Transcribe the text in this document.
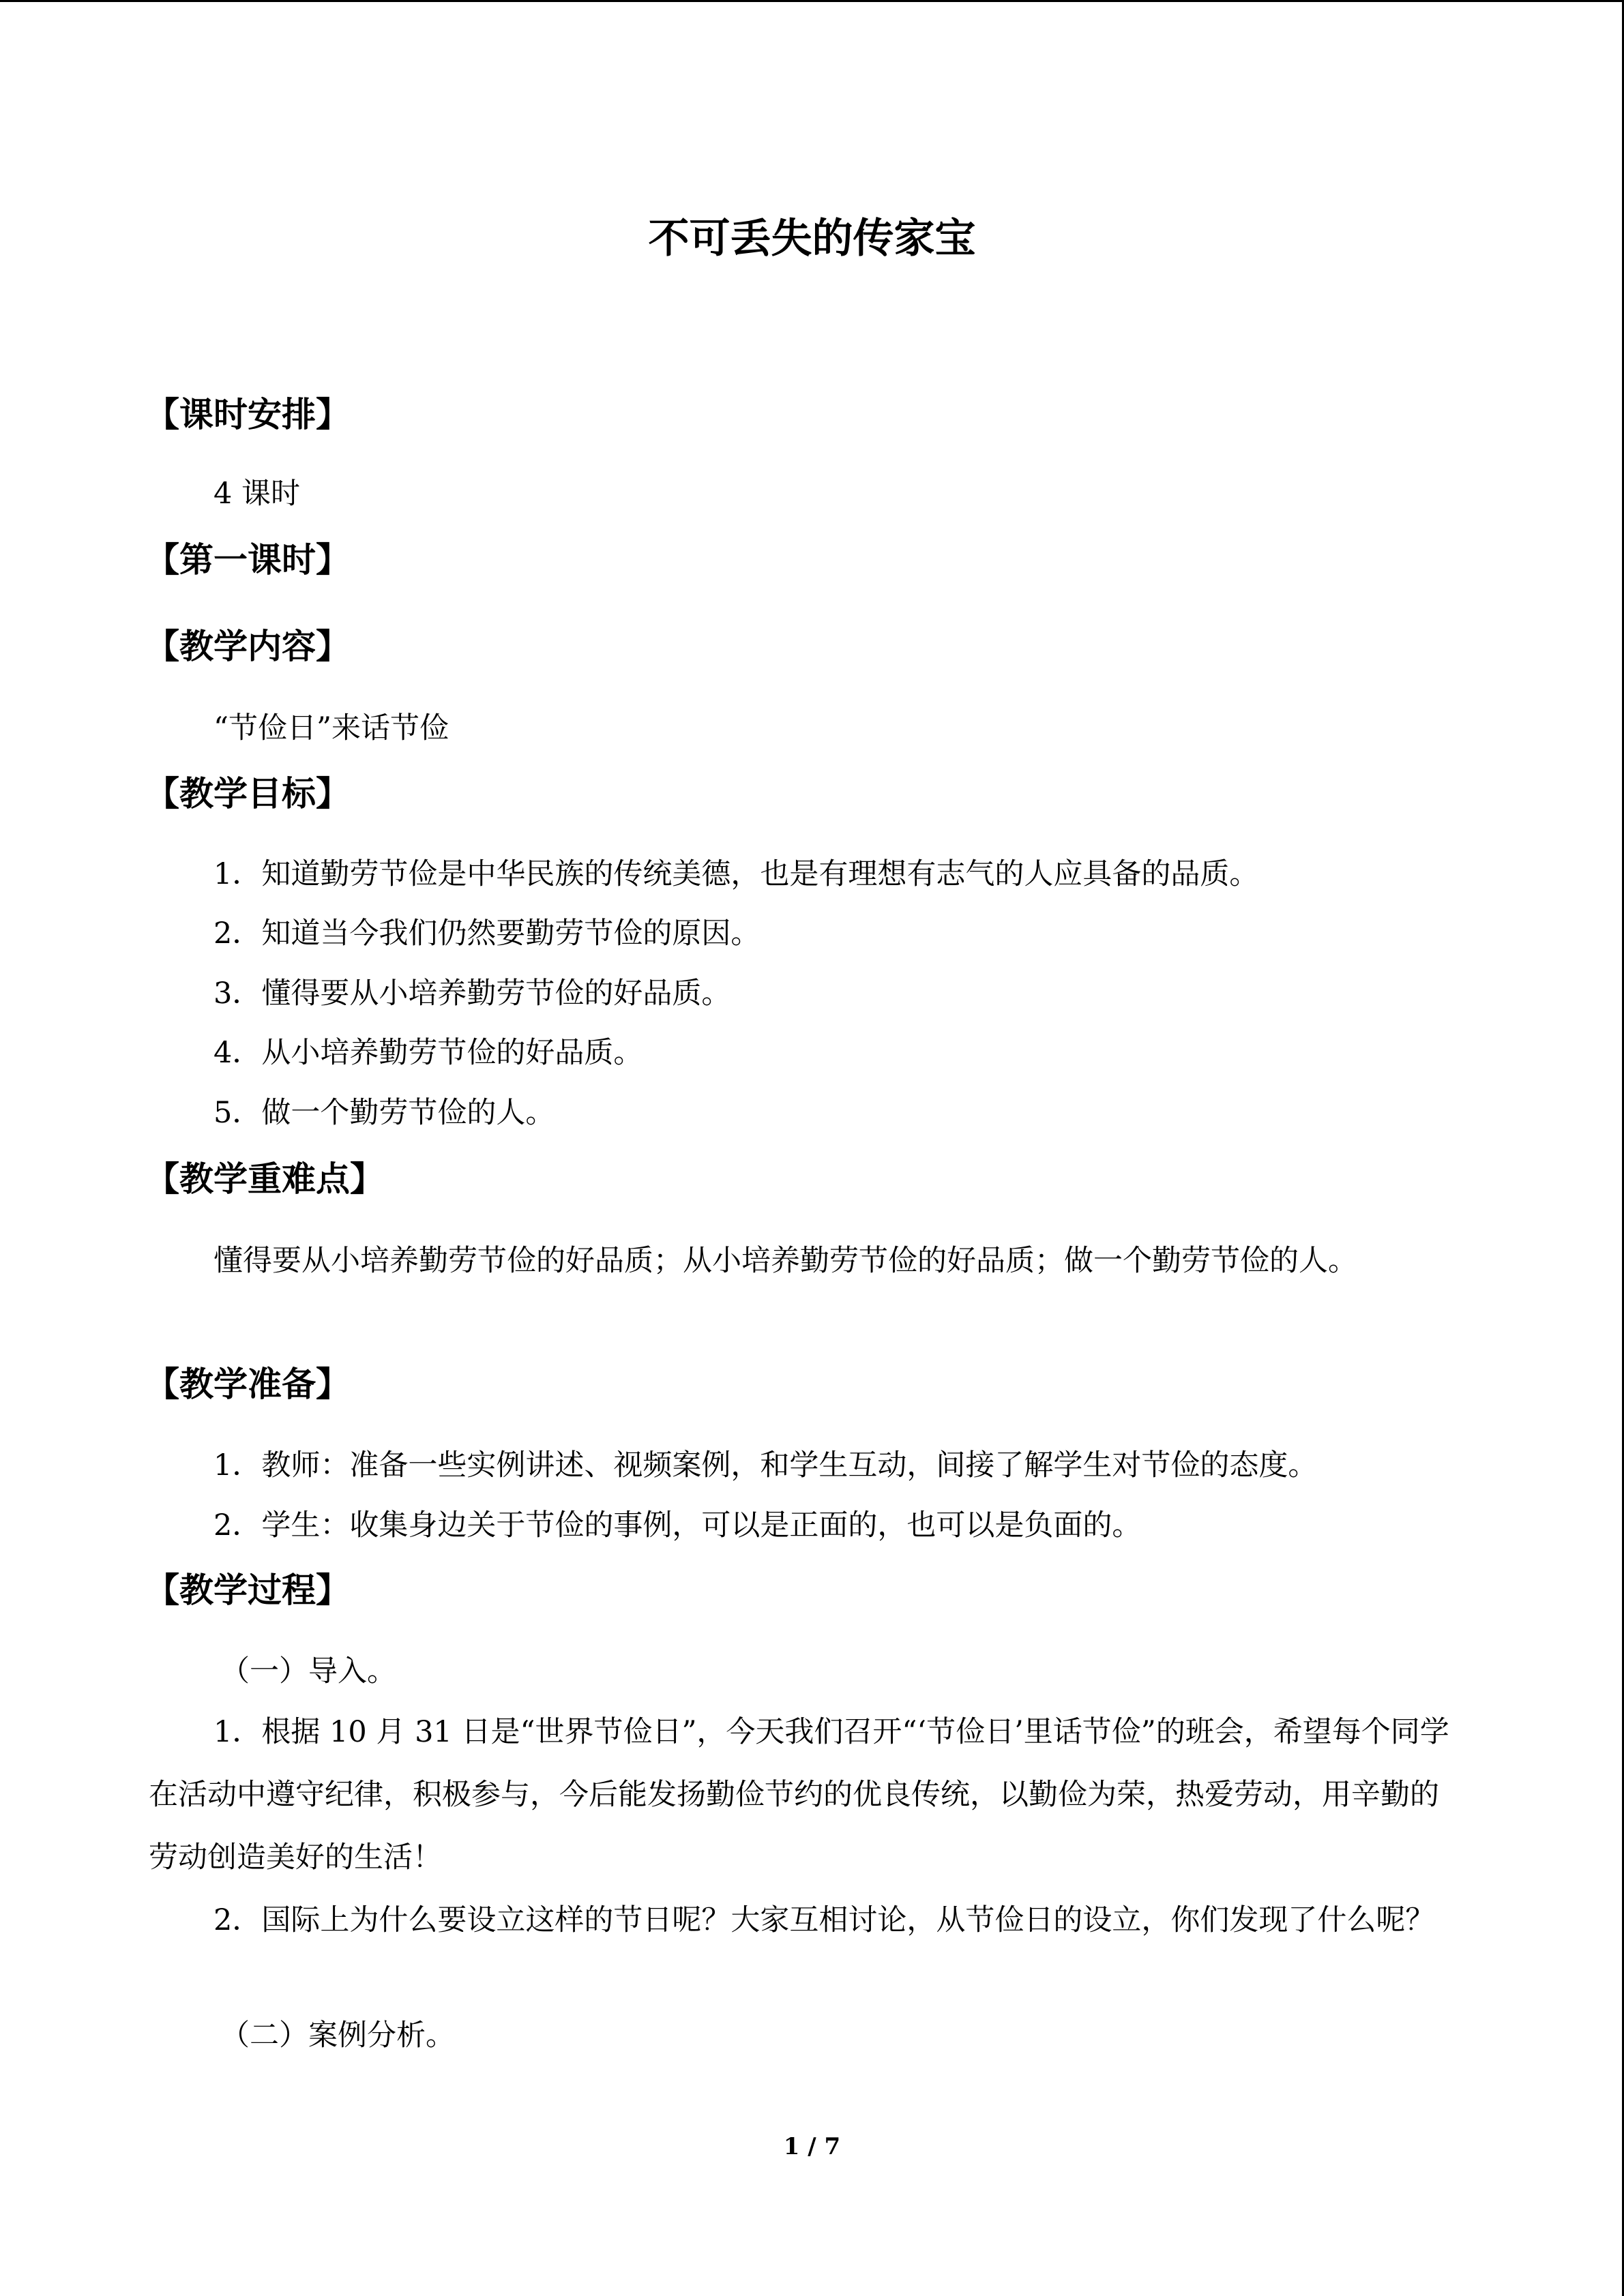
不可丢失的传家宝
【课时安排】
4 课时
【第一课时】
【教学内容】
“节俭日”来话节俭
【教学目标】
1．知道勤劳节俭是中华民族的传统美德，也是有理想有志气的人应具备的品质。
2．知道当今我们仍然要勤劳节俭的原因。
3．懂得要从小培养勤劳节俭的好品质。
4．从小培养勤劳节俭的好品质。
5．做一个勤劳节俭的人。
【教学重难点】
懂得要从小培养勤劳节俭的好品质；从小培养勤劳节俭的好品质；做一个勤劳节俭的人。
【教学准备】
1．教师：准备一些实例讲述、视频案例，和学生互动，间接了解学生对节俭的态度。
2．学生：收集身边关于节俭的事例，可以是正面的，也可以是负面的。
【教学过程】
（一）导入。
1．根据 10 月 31 日是“世界节俭日”，今天我们召开“‘节俭日’里话节俭”的班会，希望每个同学在活动中遵守纪律，积极参与，今后能发扬勤俭节约的优良传统，以勤俭为荣，热爱劳动，用辛勤的劳动创造美好的生活！
2．国际上为什么要设立这样的节日呢？大家互相讨论，从节俭日的设立，你们发现了什么呢？
（二）案例分析。
1 / 7
